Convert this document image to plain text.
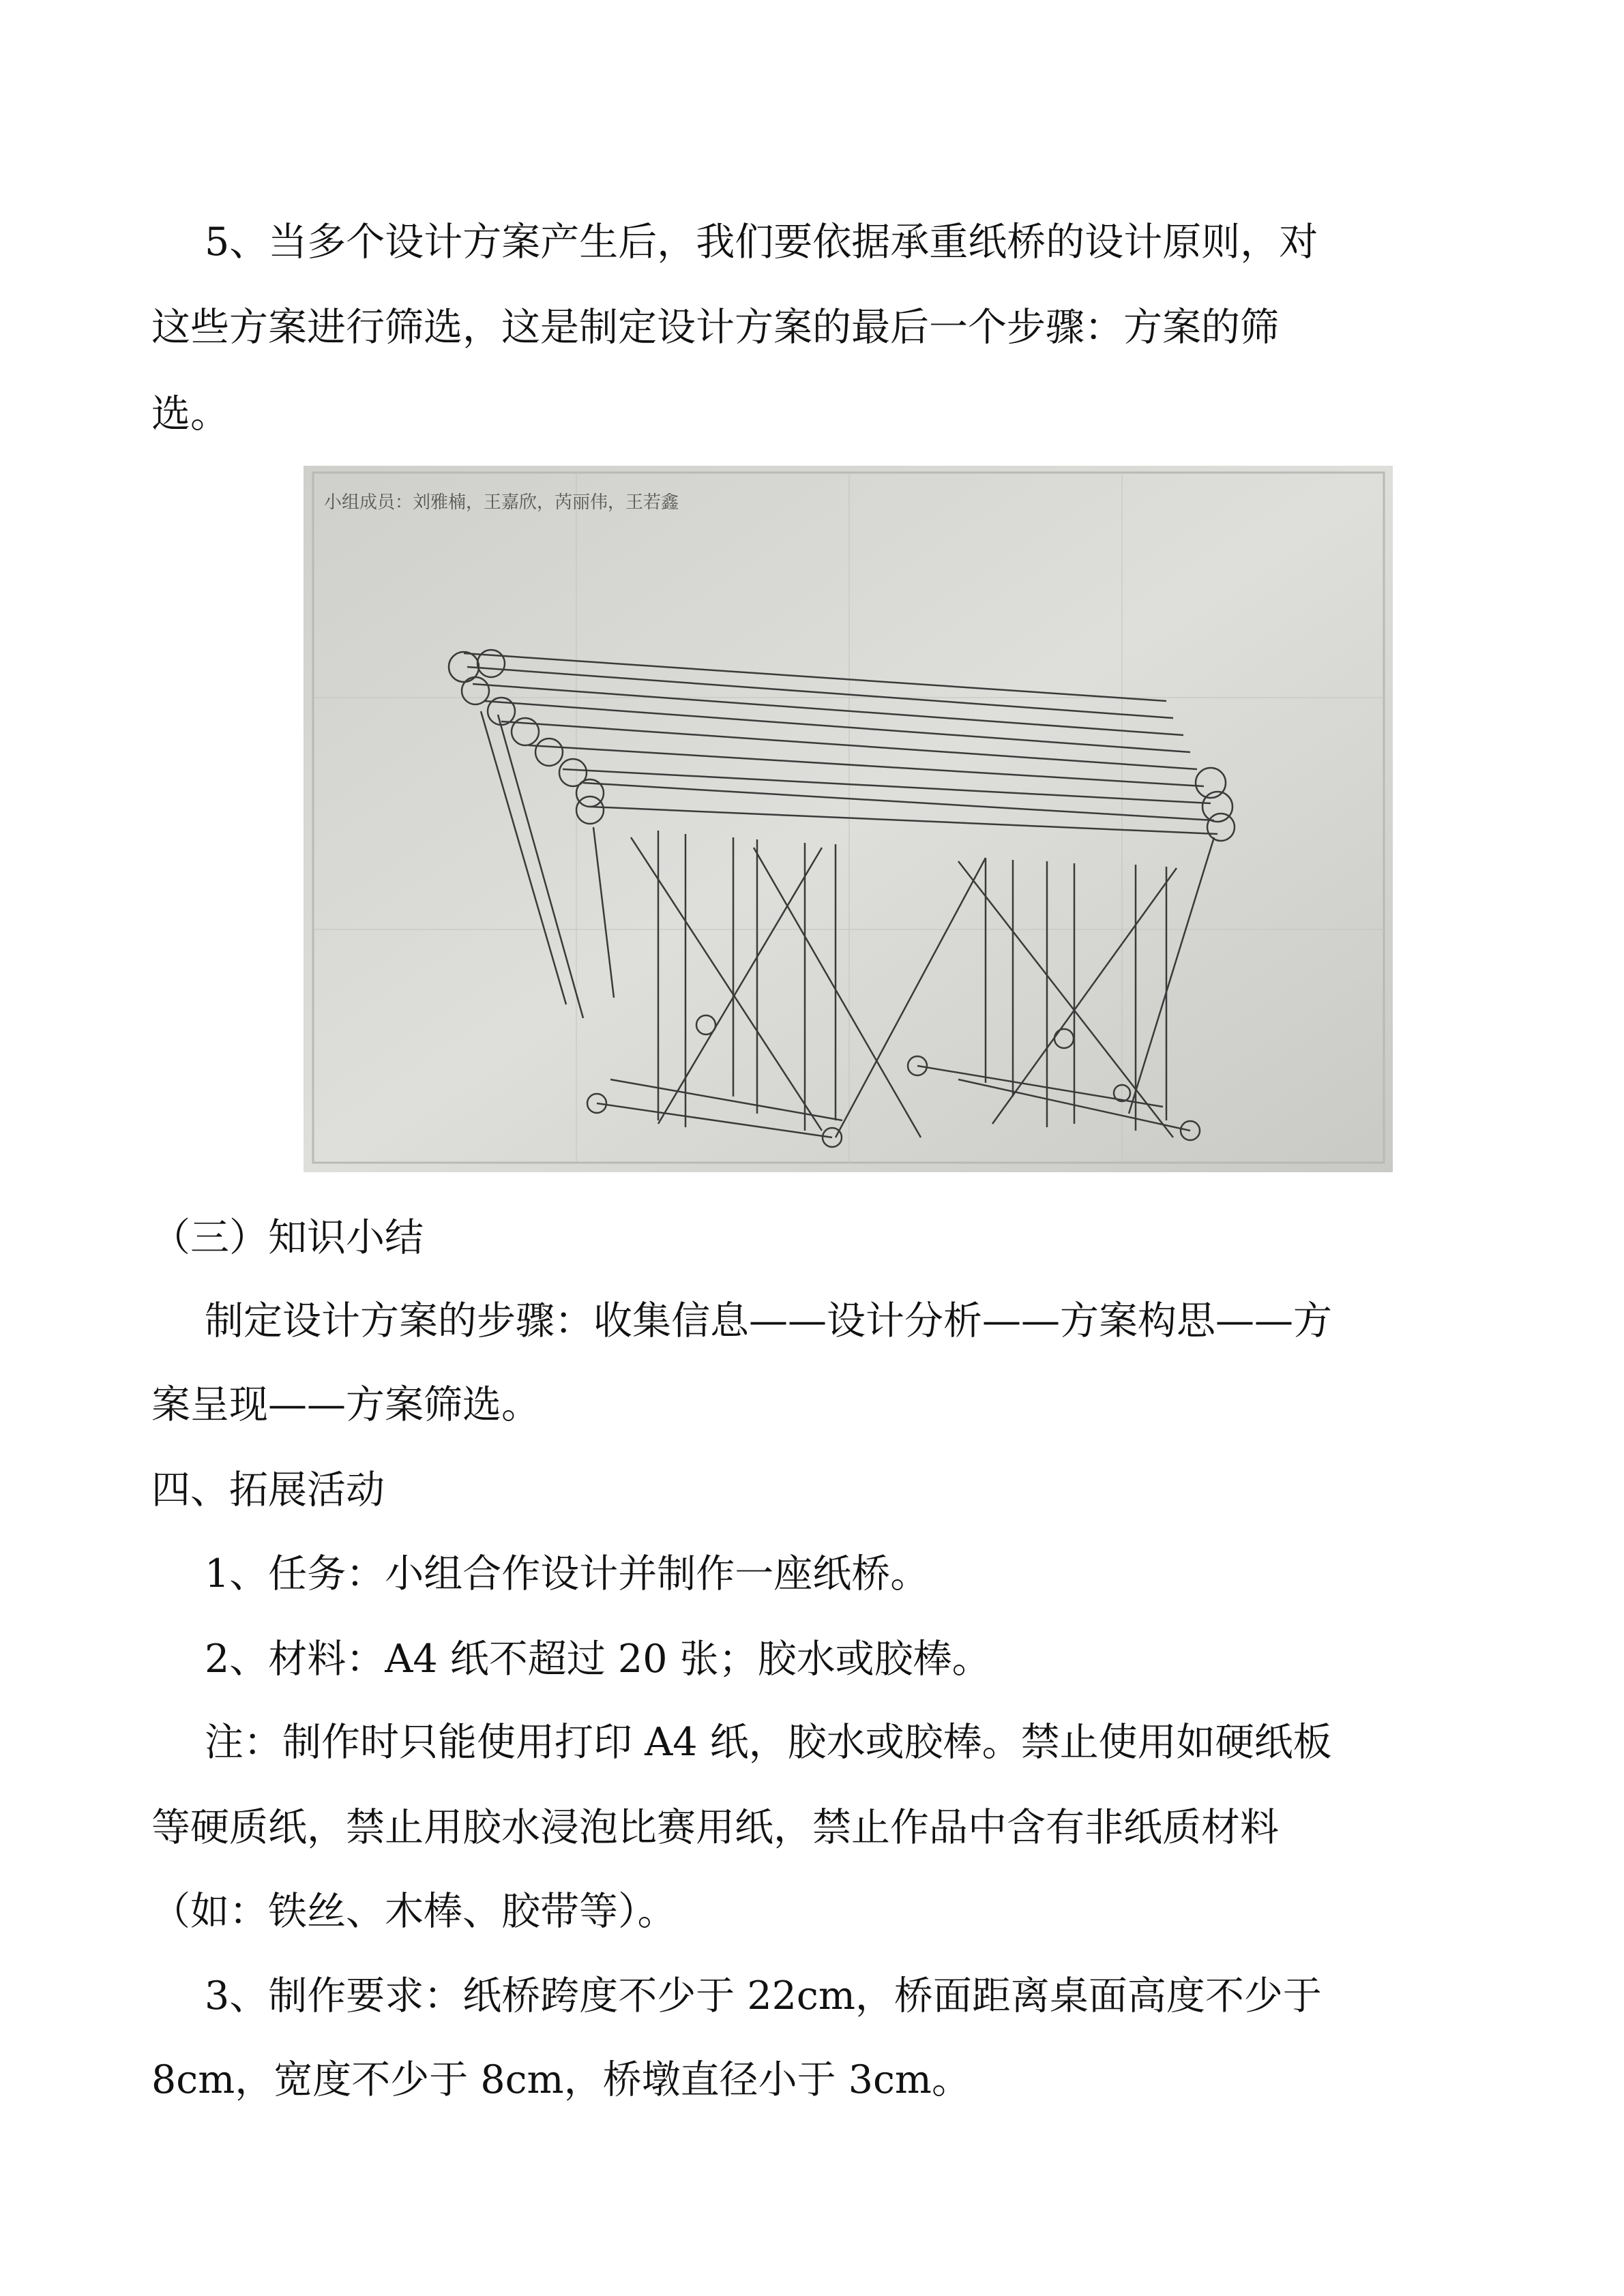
5、当多个设计方案产生后，我们要依据承重纸桥的设计原则，对
这些方案进行筛选，这是制定设计方案的最后一个步骤：方案的筛
选。
小组成员：刘雅楠，王嘉欣，芮丽伟，王若鑫
（三）知识小结
制定设计方案的步骤：收集信息——设计分析——方案构思——方
案呈现——方案筛选。
四、拓展活动
1、任务：小组合作设计并制作一座纸桥。
2、材料：A4 纸不超过 20 张；胶水或胶棒。
注：制作时只能使用打印 A4 纸，胶水或胶棒。禁止使用如硬纸板
等硬质纸，禁止用胶水浸泡比赛用纸，禁止作品中含有非纸质材料
（如：铁丝、木棒、胶带等）。
3、制作要求：纸桥跨度不少于 22cm，桥面距离桌面高度不少于
8cm，宽度不少于 8cm，桥墩直径小于 3cm。
